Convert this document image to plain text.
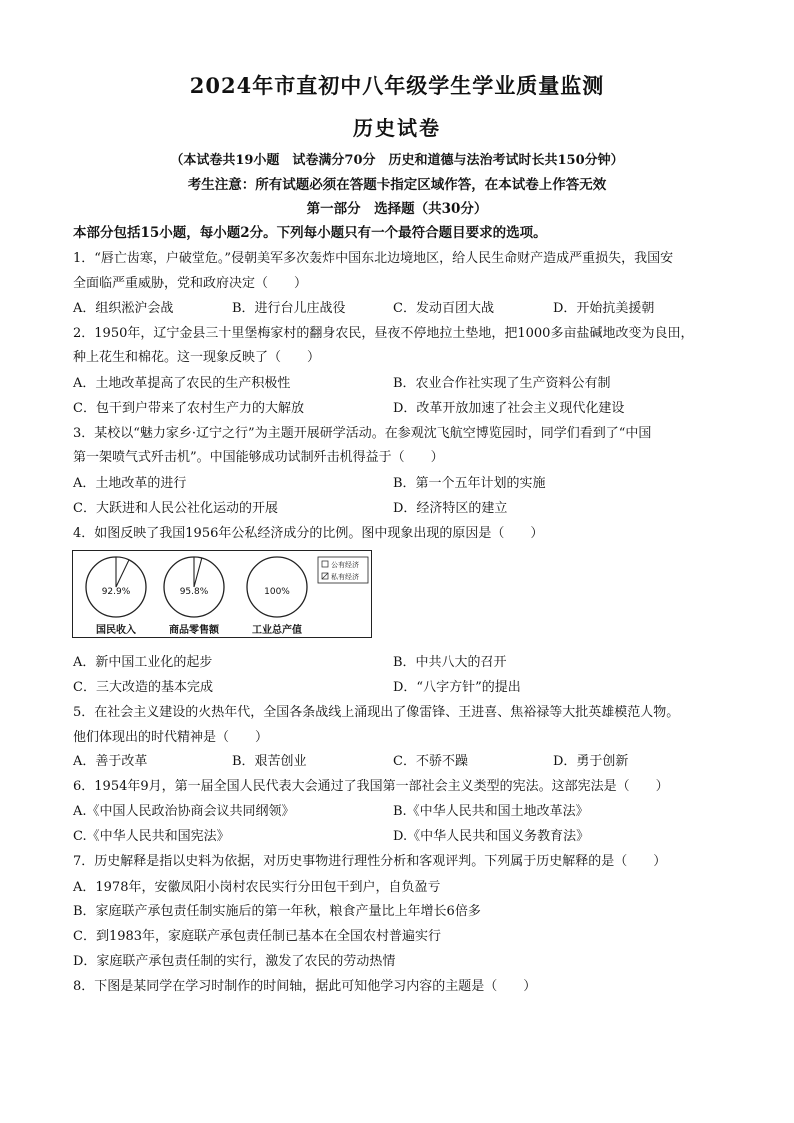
2024年市直初中八年级学生学业质量监测
历史试卷
（本试卷共19小题　试卷满分70分　历史和道德与法治考试时长共150分钟）
考生注意：所有试题必须在答题卡指定区域作答，在本试卷上作答无效
第一部分　选择题（共30分）
本部分包括15小题，每小题2分。下列每小题只有一个最符合题目要求的选项。
1．“唇亡齿寒，户破堂危。”侵朝美军多次轰炸中国东北边境地区，给人民生命财产造成严重损失，我国安
全面临严重威胁，党和政府决定（　　）
A．组织淞沪会战	B．进行台儿庄战役	C．发动百团大战	D．开始抗美援朝
2．1950年，辽宁金县三十里堡梅家村的翻身农民，昼夜不停地拉土垫地，把1000多亩盐碱地改变为良田，
种上花生和棉花。这一现象反映了（　　）
A．土地改革提高了农民的生产积极性	B．农业合作社实现了生产资料公有制
C．包干到户带来了农村生产力的大解放	D．改革开放加速了社会主义现代化建设
3．某校以“魅力家乡·辽宁之行”为主题开展研学活动。在参观沈飞航空博览园时，同学们看到了“中国
第一架喷气式歼击机”。中国能够成功试制歼击机得益于（　　）
A．土地改革的进行	B．第一个五年计划的实施
C．大跃进和人民公社化运动的开展	D．经济特区的建立
4．如图反映了我国1956年公私经济成分的比例。图中现象出现的原因是（　　）
92.9%
国民收入
95.8%
商品零售额
100%
工业总产值
公有经济
私有经济
A．新中国工业化的起步	B．中共八大的召开
C．三大改造的基本完成	D．“八字方针”的提出
5．在社会主义建设的火热年代，全国各条战线上涌现出了像雷锋、王进喜、焦裕禄等大批英雄模范人物。
他们体现出的时代精神是（　　）
A．善于改革	B．艰苦创业	C．不骄不躁	D．勇于创新
6．1954年9月，第一届全国人民代表大会通过了我国第一部社会主义类型的宪法。这部宪法是（　　）
A.《中国人民政治协商会议共同纲领》	B.《中华人民共和国土地改革法》
C.《中华人民共和国宪法》	D.《中华人民共和国义务教育法》
7．历史解释是指以史料为依据，对历史事物进行理性分析和客观评判。下列属于历史解释的是（　　）
A．1978年，安徽凤阳小岗村农民实行分田包干到户，自负盈亏
B．家庭联产承包责任制实施后的第一年秋，粮食产量比上年增长6倍多
C．到1983年，家庭联产承包责任制已基本在全国农村普遍实行
D．家庭联产承包责任制的实行，激发了农民的劳动热情
8．下图是某同学在学习时制作的时间轴，据此可知他学习内容的主题是（　　）
